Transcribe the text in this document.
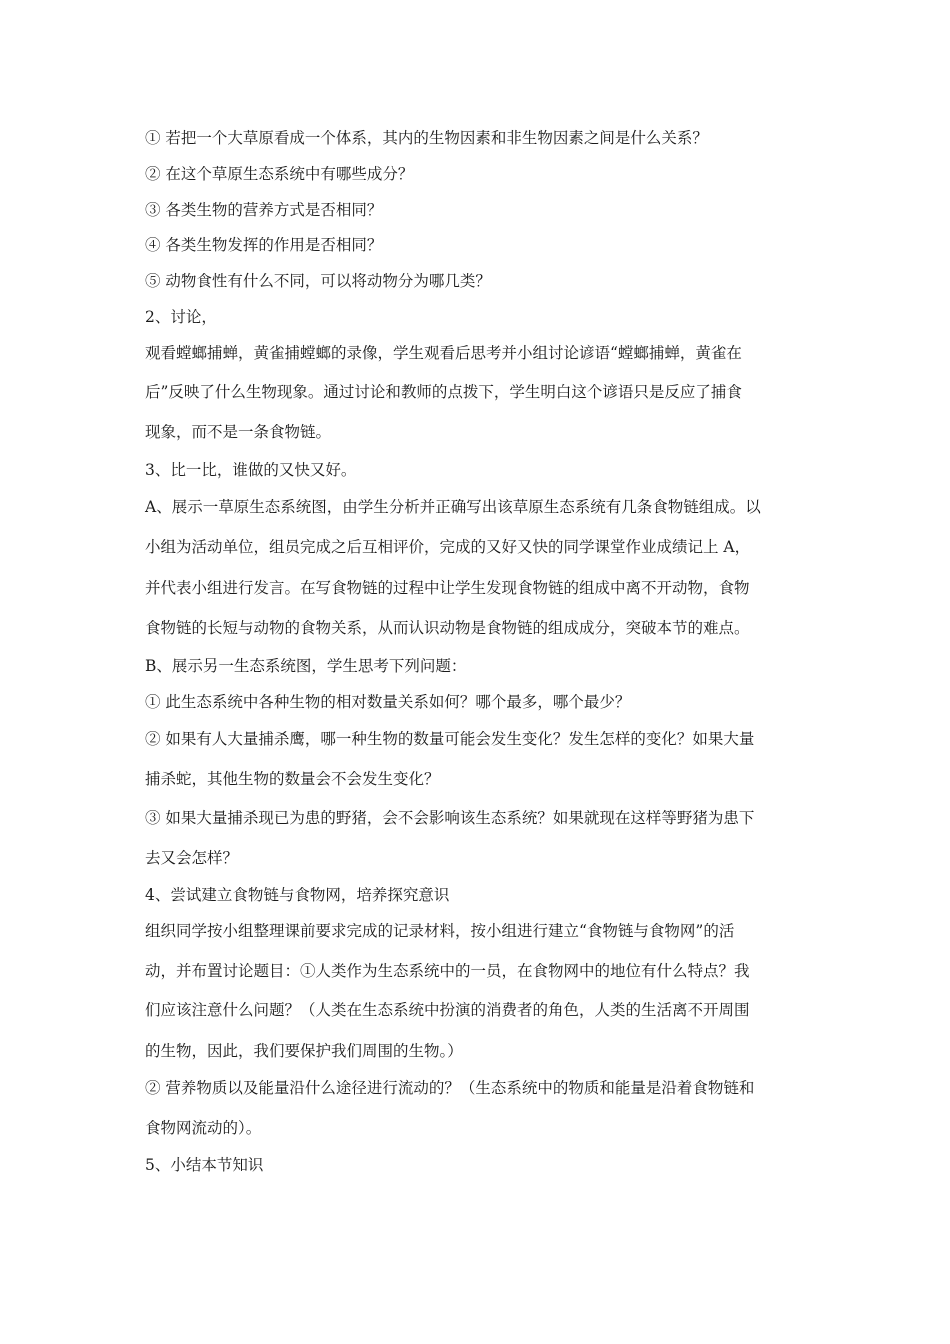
① 若把一个大草原看成一个体系，其内的生物因素和非生物因素之间是什么关系？
② 在这个草原生态系统中有哪些成分？
③ 各类生物的营养方式是否相同？
④ 各类生物发挥的作用是否相同？
⑤ 动物食性有什么不同，可以将动物分为哪几类？
2、讨论，
观看螳螂捕蝉，黄雀捕螳螂的录像，学生观看后思考并小组讨论谚语“螳螂捕蝉，黄雀在
后”反映了什么生物现象。通过讨论和教师的点拨下，学生明白这个谚语只是反应了捕食
现象，而不是一条食物链。
3、比一比，谁做的又快又好。
A、展示一草原生态系统图，由学生分析并正确写出该草原生态系统有几条食物链组成。以
小组为活动单位，组员完成之后互相评价，完成的又好又快的同学课堂作业成绩记上 A，
并代表小组进行发言。在写食物链的过程中让学生发现食物链的组成中离不开动物，食物
食物链的长短与动物的食物关系，从而认识动物是食物链的组成成分，突破本节的难点。
B、展示另一生态系统图，学生思考下列问题：
① 此生态系统中各种生物的相对数量关系如何？哪个最多，哪个最少？
② 如果有人大量捕杀鹰，哪一种生物的数量可能会发生变化？发生怎样的变化？如果大量
捕杀蛇，其他生物的数量会不会发生变化？
③ 如果大量捕杀现已为患的野猪，会不会影响该生态系统？如果就现在这样等野猪为患下
去又会怎样？
4、尝试建立食物链与食物网，培养探究意识
组织同学按小组整理课前要求完成的记录材料，按小组进行建立“食物链与食物网”的活
动，并布置讨论题目：①人类作为生态系统中的一员，在食物网中的地位有什么特点？我
们应该注意什么问题？（人类在生态系统中扮演的消费者的角色，人类的生活离不开周围
的生物，因此，我们要保护我们周围的生物。）
② 营养物质以及能量沿什么途径进行流动的？（生态系统中的物质和能量是沿着食物链和
食物网流动的）。
5、小结本节知识
